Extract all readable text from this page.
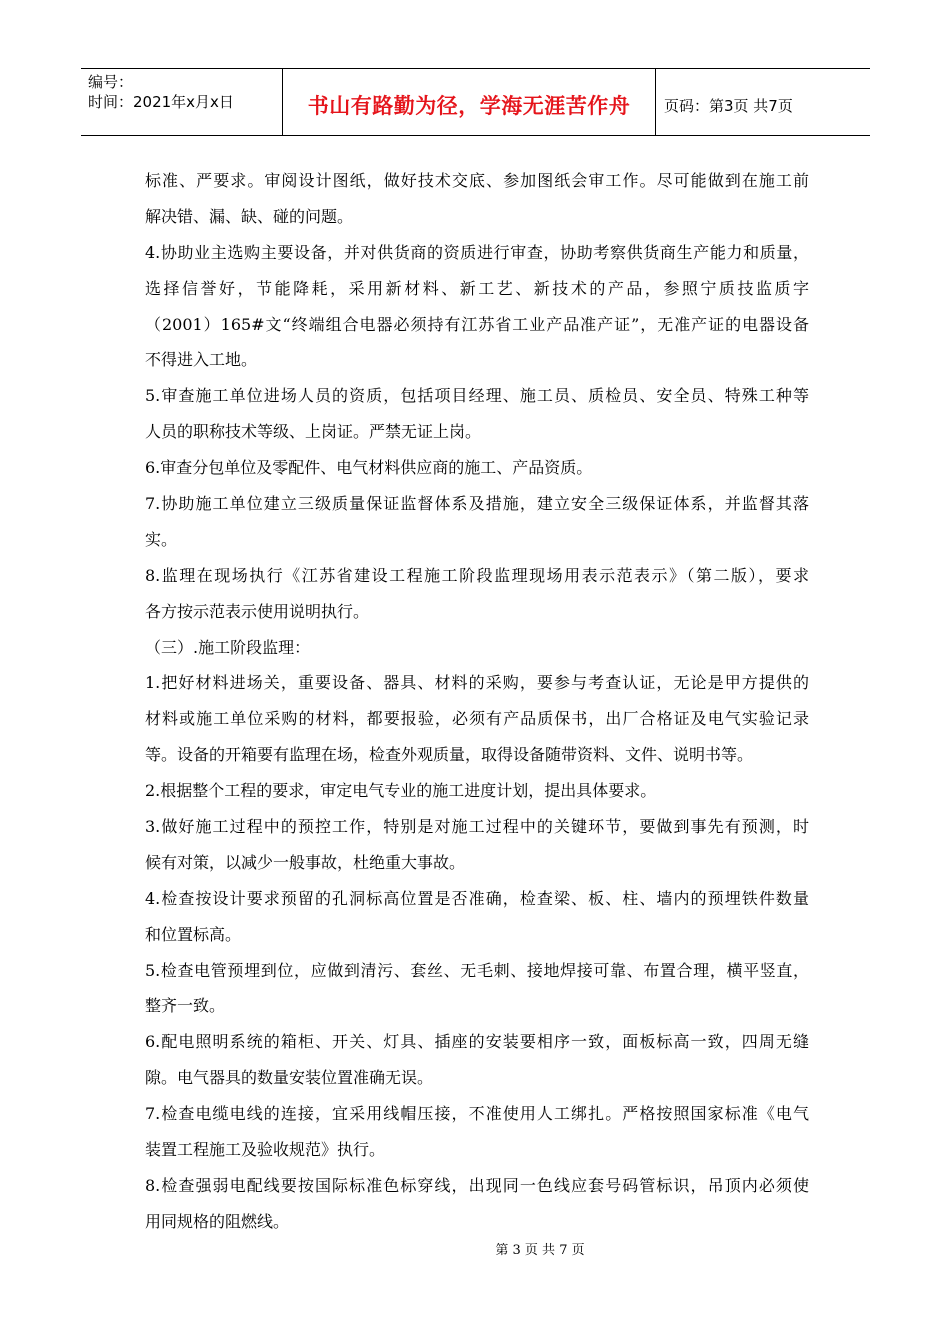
编号：
时间：2021年x月x日	书山有路勤为径，学海无涯苦作舟	页码：第3页 共7页
标准、严要求。审阅设计图纸，做好技术交底、参加图纸会审工作。尽可能做到在施工前
解决错、漏、缺、碰的问题。
4.协助业主选购主要设备，并对供货商的资质进行审查，协助考察供货商生产能力和质量，
选择信誉好，节能降耗，采用新材料、新工艺、新技术的产品，参照宁质技监质字
（2001）165#文“终端组合电器必须持有江苏省工业产品准产证”，无准产证的电器设备
不得进入工地。
5.审查施工单位进场人员的资质，包括项目经理、施工员、质检员、安全员、特殊工种等
人员的职称技术等级、上岗证。严禁无证上岗。
6.审查分包单位及零配件、电气材料供应商的施工、产品资质。
7.协助施工单位建立三级质量保证监督体系及措施，建立安全三级保证体系，并监督其落
实。
8.监理在现场执行《江苏省建设工程施工阶段监理现场用表示范表示》（第二版），要求
各方按示范表示使用说明执行。
（三）.施工阶段监理：
1.把好材料进场关，重要设备、器具、材料的采购，要参与考查认证，无论是甲方提供的
材料或施工单位采购的材料，都要报验，必须有产品质保书，出厂合格证及电气实验记录
等。设备的开箱要有监理在场，检查外观质量，取得设备随带资料、文件、说明书等。
2.根据整个工程的要求，审定电气专业的施工进度计划，提出具体要求。
3.做好施工过程中的预控工作，特别是对施工过程中的关键环节，要做到事先有预测，时
候有对策，以减少一般事故，杜绝重大事故。
4.检查按设计要求预留的孔洞标高位置是否准确，检查梁、板、柱、墙内的预埋铁件数量
和位置标高。
5.检查电管预埋到位，应做到清污、套丝、无毛刺、接地焊接可靠、布置合理，横平竖直，
整齐一致。
6.配电照明系统的箱柜、开关、灯具、插座的安装要相序一致，面板标高一致，四周无缝
隙。电气器具的数量安装位置准确无误。
7.检查电缆电线的连接，宜采用线帽压接，不准使用人工绑扎。严格按照国家标准《电气
装置工程施工及验收规范》执行。
8.检查强弱电配线要按国际标准色标穿线，出现同一色线应套号码管标识，吊顶内必须使
用同规格的阻燃线。
第 3 页 共 7 页
